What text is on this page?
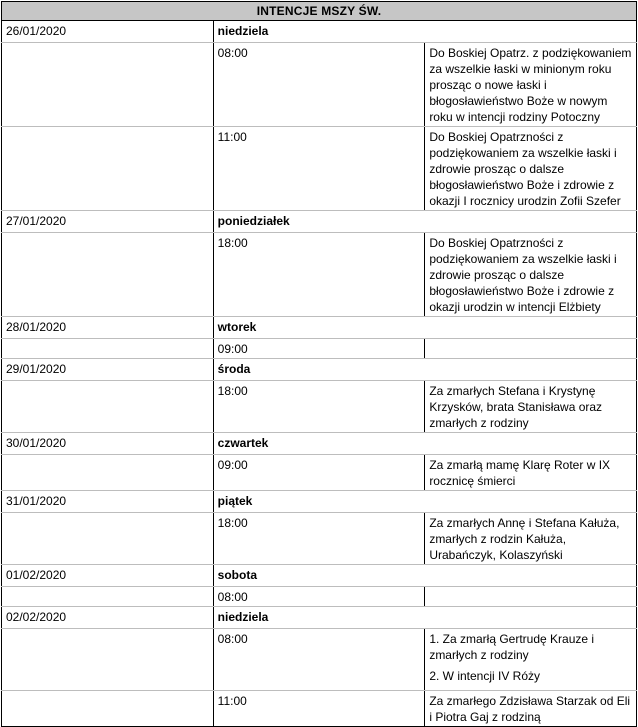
INTENCJE MSZY ŚW.		
26/01/2020	niedziela	
	08:00	Do Boskiej Opatrz. z podziękowaniem za wszelkie łaski w minionym roku prosząc o nowe łaski i błogosławieństwo Boże w nowym roku w intencji rodziny Potoczny
	11:00	Do Boskiej Opatrzności z podziękowaniem za wszelkie łaski i zdrowie prosząc o dalsze błogosławieństwo Boże i zdrowie z okazji I rocznicy urodzin Zofii Szefer
27/01/2020	poniedziałek	
	18:00	Do Boskiej Opatrzności z podziękowaniem za wszelkie łaski i zdrowie prosząc o dalsze błogosławieństwo Boże i zdrowie z okazji urodzin w intencji Elżbiety
28/01/2020	wtorek	
	09:00	
29/01/2020	środa	
	18:00	Za zmarłych Stefana i Krystynę Krzysków, brata Stanisława oraz zmarłych z rodziny
30/01/2020	czwartek	
	09:00	Za zmarłą mamę Klarę Roter w IX rocznicę śmierci
31/01/2020	piątek	
	18:00	Za zmarłych Annę i Stefana Kałuża, zmarłych z rodzin Kałuża, Urabańczyk, Kolaszyński
01/02/2020	sobota	
	08:00	
02/02/2020	niedziela	
	08:00	1. Za zmarłą Gertrudę Krauze i zmarłych z rodziny
2. W intencji IV Róży

	11:00	Za zmarłego Zdzisława Starzak od Eli i Piotra Gaj z rodziną
